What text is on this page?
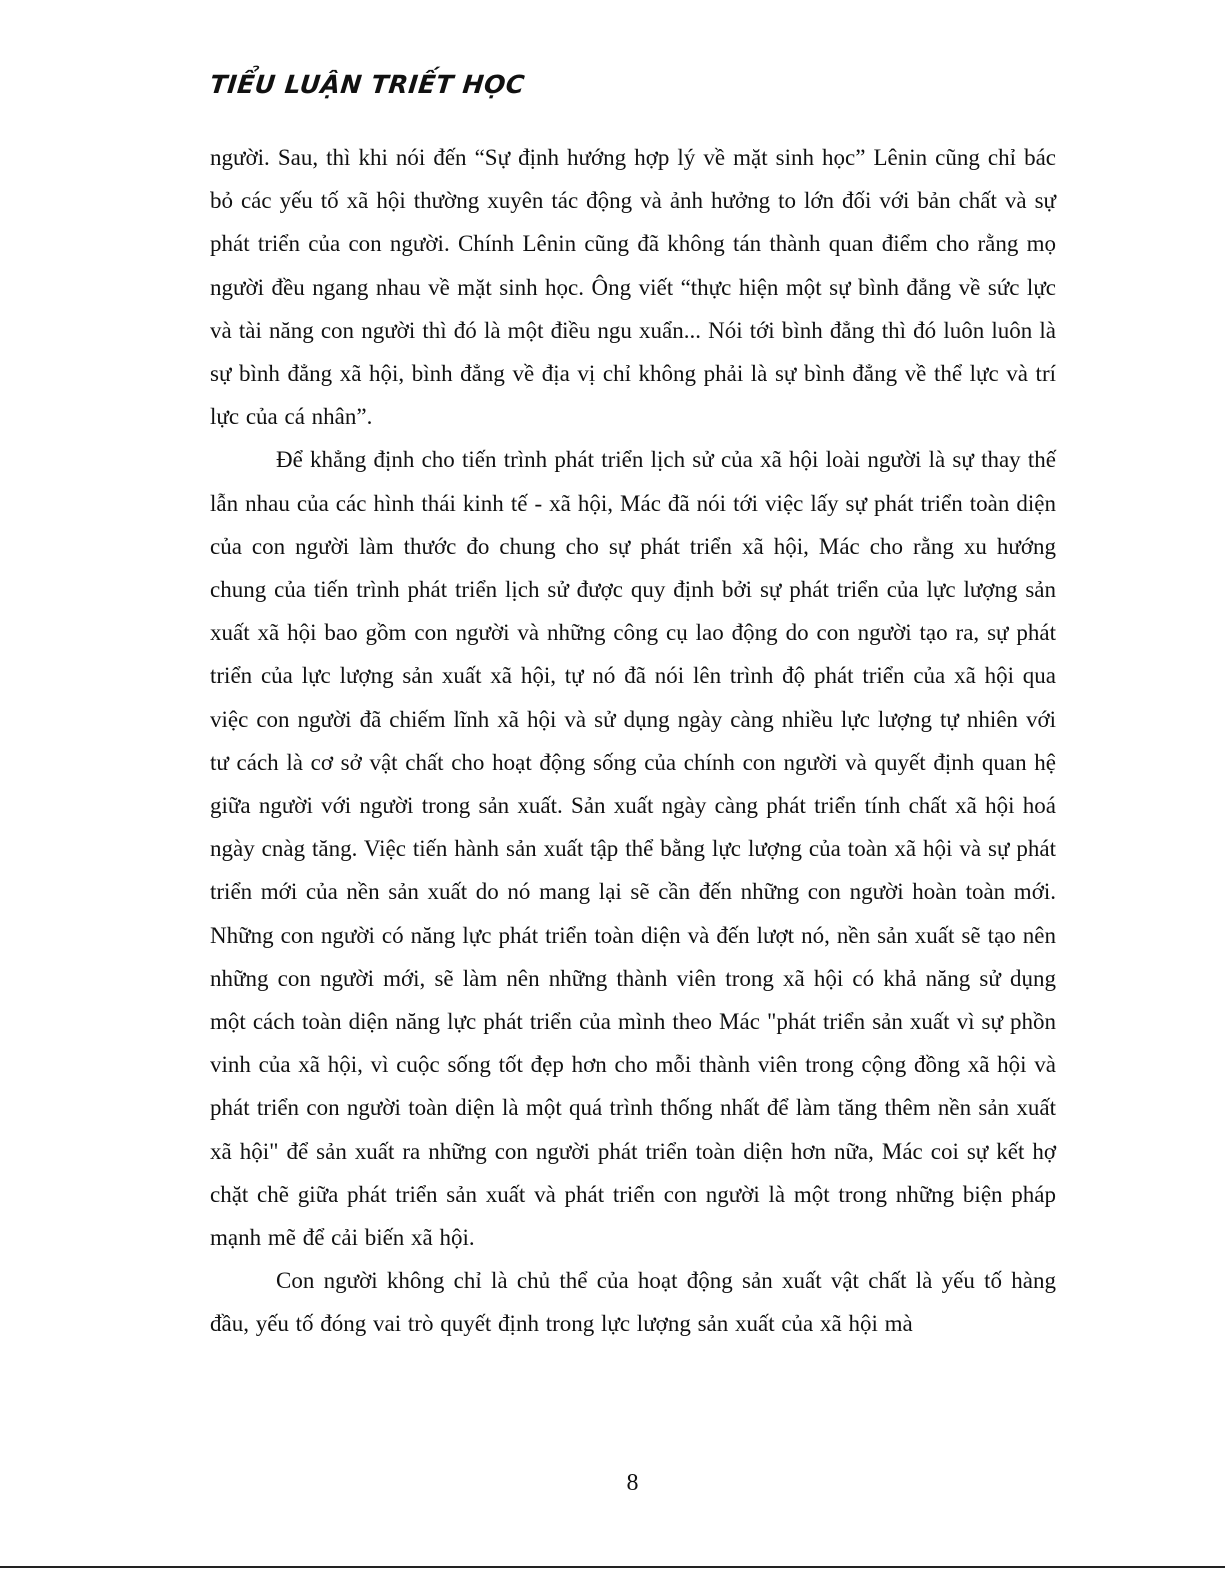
TIỂU LUẬN TRIẾT HỌC

người. Sau, thì khi nói đến “Sự định hướng hợp lý về mặt sinh học” Lênin cũng chỉ bác bỏ các yếu tố xã hội thường xuyên tác động và ảnh hưởng to lớn đối với bản chất và sự phát triển của con người. Chính Lênin cũng đã không tán thành quan điểm cho rằng mọ người đều ngang nhau về mặt sinh học. Ông viết “thực hiện một sự bình đẳng về sức lực và tài năng con người thì đó là một điều ngu xuẩn... Nói tới bình đẳng thì đó luôn luôn là sự bình đẳng xã hội, bình đẳng về địa vị chỉ không phải là sự bình đẳng về thể lực và trí lực của cá nhân”.

Để khẳng định cho tiến trình phát triển lịch sử của xã hội loài người là sự thay thế lẫn nhau của các hình thái kinh tế - xã hội, Mác đã nói tới việc lấy sự phát triển toàn diện của con người làm thước đo chung cho sự phát triển xã hội, Mác cho rằng xu hướng chung của tiến trình phát triển lịch sử được quy định bởi sự phát triển của lực lượng sản xuất xã hội bao gồm con người và những công cụ lao động do con người tạo ra, sự phát triển của lực lượng sản xuất xã hội, tự nó đã nói lên trình độ phát triển của xã hội qua việc con người đã chiếm lĩnh xã hội và sử dụng ngày càng nhiều lực lượng tự nhiên với tư cách là cơ sở vật chất cho hoạt động sống của chính con người và quyết định quan hệ giữa người với người trong sản xuất. Sản xuất ngày càng phát triển tính chất xã hội hoá ngày cnàg tăng. Việc tiến hành sản xuất tập thể bằng lực lượng của toàn xã hội và sự phát triển mới của nền sản xuất do nó mang lại sẽ cần đến những con người hoàn toàn mới. Những con người có năng lực phát triển toàn diện và đến lượt nó, nền sản xuất sẽ tạo nên những con người mới, sẽ làm nên những thành viên trong xã hội có khả năng sử dụng một cách toàn diện năng lực phát triển của mình theo Mác "phát triển sản xuất vì sự phồn vinh của xã hội, vì cuộc sống tốt đẹp hơn cho mỗi thành viên trong cộng đồng xã hội và phát triển con người toàn diện là một quá trình thống nhất để làm tăng thêm nền sản xuất xã hội" để sản xuất ra những con người phát triển toàn diện hơn nữa, Mác coi sự kết hợ chặt chẽ giữa phát triển sản xuất và phát triển con người là một trong những biện pháp mạnh mẽ để cải biến xã hội.

Con người không chỉ là chủ thể của hoạt động sản xuất vật chất là yếu tố hàng đầu, yếu tố đóng vai trò quyết định trong lực lượng sản xuất của xã hội mà

8
